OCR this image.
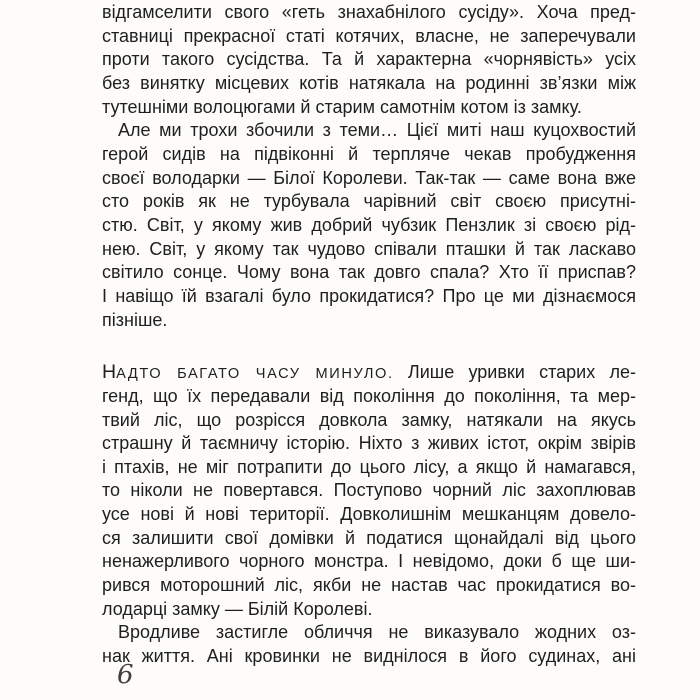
відгамселити свого «геть знахабнілого сусіду». Хоча пред-
ставниці прекрасної статі котячих, власне, не заперечували
проти такого сусідства. Та й характерна «чорнявість» усіх
без винятку місцевих котів натякала на родинні зв’язки між
тутешніми волоцюгами й старим самотнім котом із замку.
Але ми трохи збочили з теми… Цієї миті наш куцохвостий
герой сидів на підвіконні й терпляче чекав пробудження
своєї володарки — Білої Королеви. Так-так — саме вона вже
сто років як не турбувала чарівний світ своєю присутні-
стю. Світ, у якому жив добрий чубзик Пензлик зі своєю рід-
нею. Світ, у якому так чудово співали пташки й так ласкаво
світило сонце. Чому вона так довго спала? Хто її приспав?
І навіщо їй взагалі було прокидатися? Про це ми дізнаємося
пізніше.
НАДТО БАГАТО ЧАСУ МИНУЛО. Лише уривки старих ле-
генд, що їх передавали від покоління до покоління, та мер-
твий ліс, що розрісся довкола замку, натякали на якусь
страшну й таємничу історію. Ніхто з живих істот, окрім звірів
і птахів, не міг потрапити до цього лісу, а якщо й намагався,
то ніколи не повертався. Поступово чорний ліс захоплював
усе нові й нові території. Довколишнім мешканцям довело-
ся залишити свої домівки й податися щонайдалі від цього
ненажерливого чорного монстра. І невідомо, доки б ще ши-
рився моторошний ліс, якби не настав час прокидатися во-
лодарці замку — Білій Королеві.
Вродливе застигле обличчя не виказувало жодних оз-
нак життя. Ані кровинки не виднілося в його судинах, ані
6
